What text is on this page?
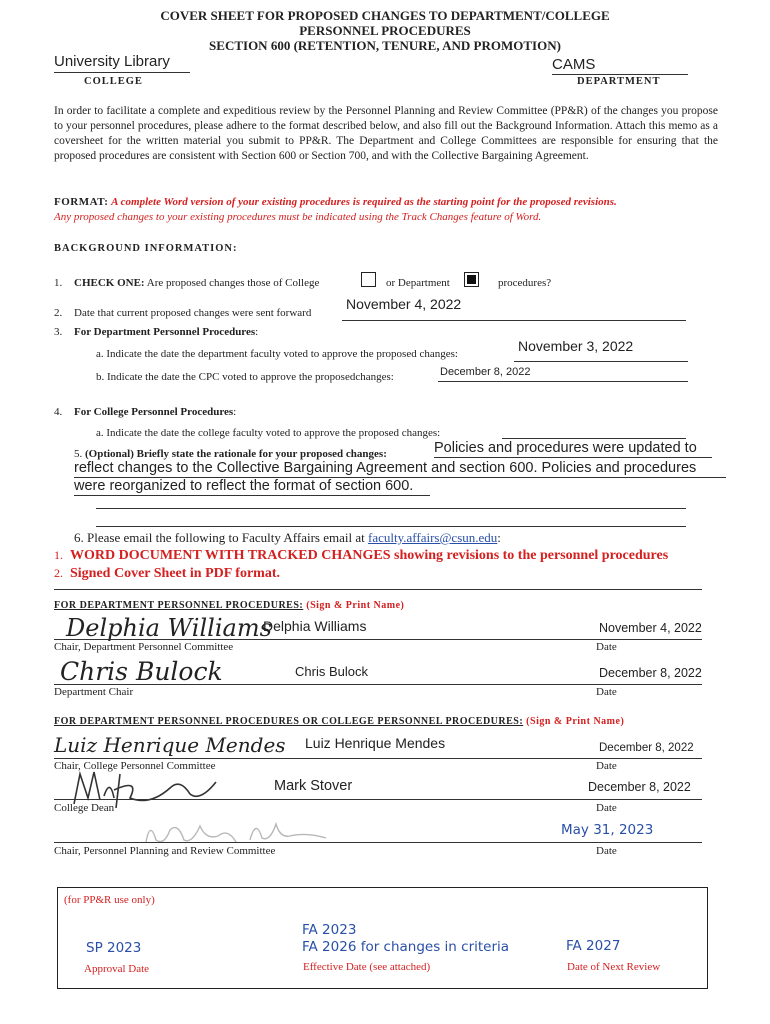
COVER SHEET FOR PROPOSED CHANGES TO DEPARTMENT/COLLEGE
PERSONNEL PROCEDURES
SECTION 600 (RETENTION, TENURE, AND PROMOTION)
University Library
COLLEGE
CAMS
DEPARTMENT
In order to facilitate a complete and expeditious review by the Personnel Planning and Review Committee (PP&R) of the changes you propose to your personnel procedures, please adhere to the format described below, and also fill out the Background Information. Attach this memo as a coversheet for the written material you submit to PP&R. The Department and College Committees are responsible for ensuring that the proposed procedures are consistent with Section 600 or Section 700, and with the Collective Bargaining Agreement.
FORMAT: A complete Word version of your existing procedures is required as the starting point for the proposed revisions.
Any proposed changes to your existing procedures must be indicated using the Track Changes feature of Word.
BACKGROUND INFORMATION:
1. CHECK ONE: Are proposed changes those of College	or Department	procedures?
2. Date that current proposed changes were sent forward
November 4, 2022
3. For Department Personnel Procedures:
a. Indicate the date the department faculty voted to approve the proposed changes:	November 3, 2022
b. Indicate the date the CPC voted to approve the proposedchanges:	December 8, 2022
4. For College Personnel Procedures:
a. Indicate the date the college faculty voted to approve the proposed changes:
5. (Optional) Briefly state the rationale for your proposed changes:	Policies and procedures were updated to
reflect changes to the Collective Bargaining Agreement and section 600. Policies and procedures
were reorganized to reflect the format of section 600.
6. Please email the following to Faculty Affairs email at faculty.affairs@csun.edu:
1. WORD DOCUMENT WITH TRACKED CHANGES showing revisions to the personnel procedures
2. Signed Cover Sheet in PDF format.
FOR DEPARTMENT PERSONNEL PROCEDURES: (Sign & Print Name)
Delphia Williams
Delphia Williams	November 4, 2022
Chair, Department Personnel Committee	Date
Chris Bulock	Chris Bulock	December 8, 2022
Department Chair	Date
FOR DEPARTMENT PERSONNEL PROCEDURES OR COLLEGE PERSONNEL PROCEDURES: (Sign & Print Name)
Luiz Henrique Mendes Luiz Henrique Mendes	December 8, 2022
Chair, College Personnel Committee	Date
Mark Stover	December 8, 2022
College Dean	Date
May 31, 2023
Chair, Personnel Planning and Review Committee	Date
(for PP&R use only)
SP 2023
Approval Date
FA 2023
FA 2026 for changes in criteria
Effective Date (see attached)
FA 2027
Date of Next Review
